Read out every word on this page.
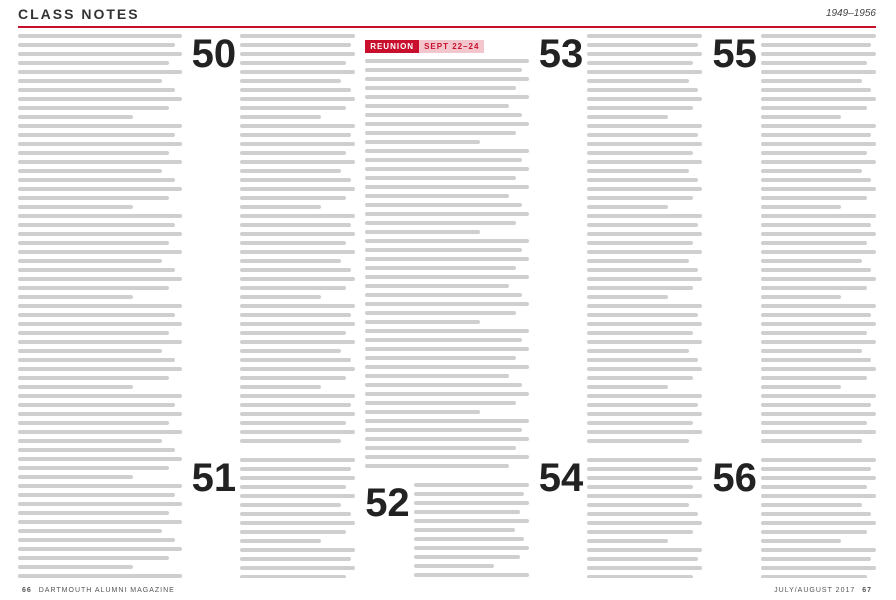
CLASS NOTES	1949–1956
50
51
REUNION SEPT 22–24
52
53
54
55
56
66 DARTMOUTH ALUMNI MAGAZINE	JULY/AUGUST 2017 67
